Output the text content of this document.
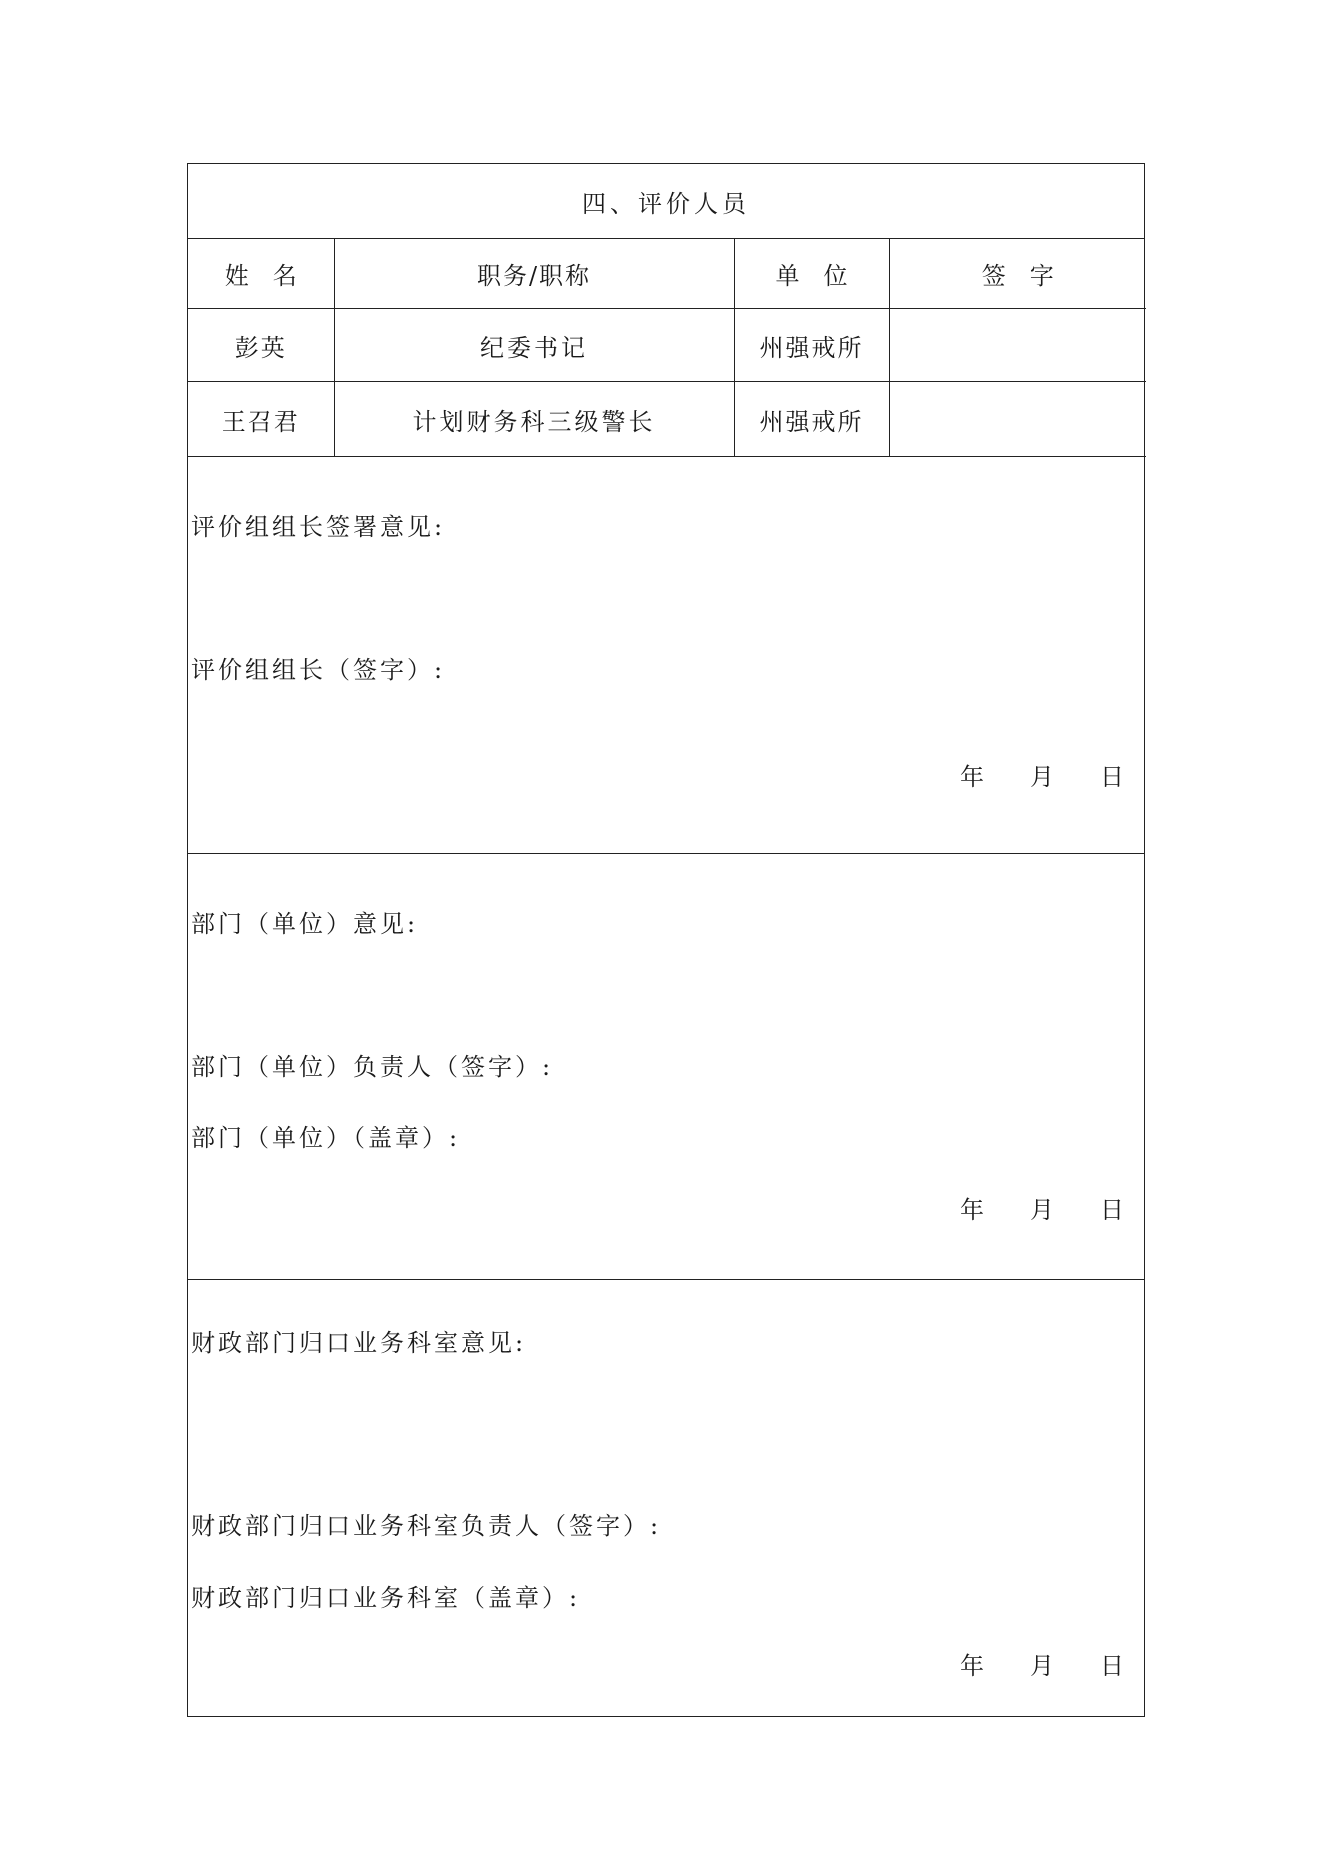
四、评价人员
姓　名	职务/职称	单　位	签　字
彭英	纪委书记	州强戒所	
王召君	计划财务科三级警长	州强戒所	
评价组组长签署意见:
评价组组长（签字）:
年 月 日
部门（单位）意见:
部门（单位）负责人（签字）:
部门（单位）（盖章）:
年 月 日
财政部门归口业务科室意见:
财政部门归口业务科室负责人（签字）:
财政部门归口业务科室（盖章）:
年 月 日
